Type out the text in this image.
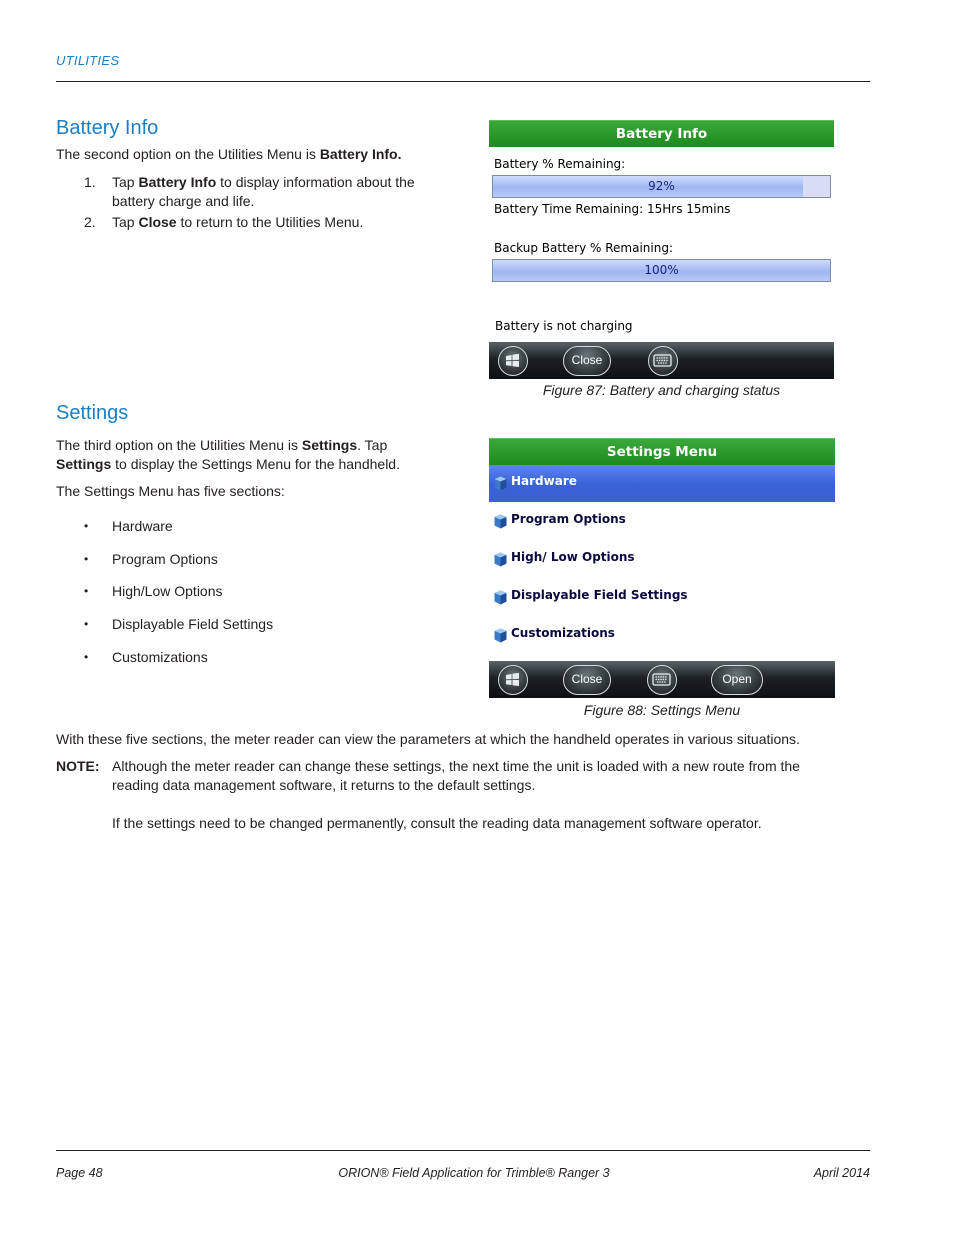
UTILITIES
Battery Info
The second option on the Utilities Menu is Battery Info.
1. Tap Battery Info to display information about the
battery charge and life.
2. Tap Close to return to the Utilities Menu.
Battery Info
Battery % Remaining:
92%
Battery Time Remaining: 15Hrs 15mins
Backup Battery % Remaining:
100%
Battery is not charging
Close
Figure 87: Battery and charging status
Settings
The third option on the Utilities Menu is Settings. Tap
Settings to display the Settings Menu for the handheld.
The Settings Menu has five sections:
• Hardware
• Program Options
• High/Low Options
• Displayable Field Settings
• Customizations
Settings Menu
Hardware
Program Options
High/ Low Options
Displayable Field Settings
Customizations
Close	Open
Figure 88: Settings Menu
With these five sections, the meter reader can view the parameters at which the handheld operates in various situations.
NOTE: Although the meter reader can change these settings, the next time the unit is loaded with a new route from the
reading data management software, it returns to the default settings.
If the settings need to be changed permanently, consult the reading data management software operator.
Page 48	ORION® Field Application for Trimble® Ranger 3	April 2014
